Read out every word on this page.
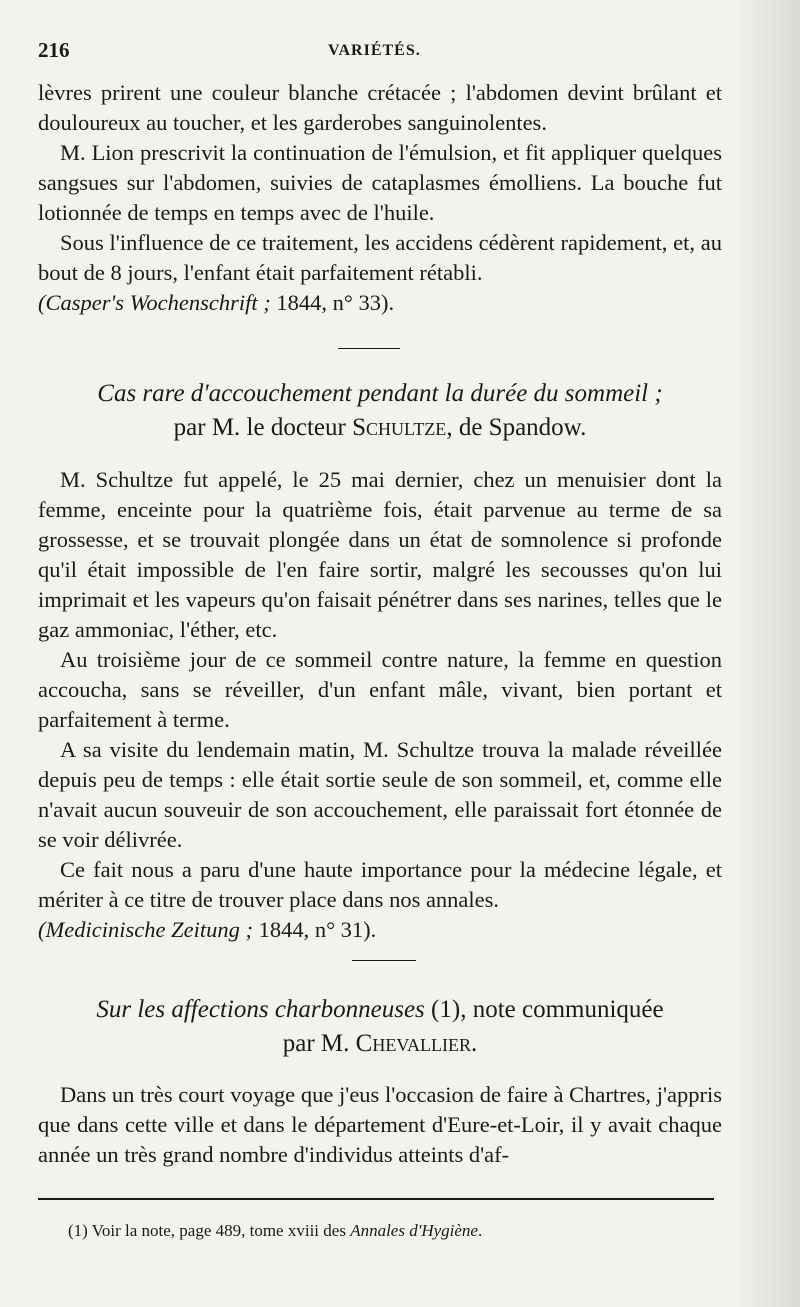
216	VARIÉTÉS.

lèvres prirent une couleur blanche crétacée ; l'abdomen devint brûlant et douloureux au toucher, et les garderobes sanguinolentes.

M. Lion prescrivit la continuation de l'émulsion, et fit appliquer quelques sangsues sur l'abdomen, suivies de cataplasmes émolliens. La bouche fut lotionnée de temps en temps avec de l'huile.

Sous l'influence de ce traitement, les accidens cédèrent rapidement, et, au bout de 8 jours, l'enfant était parfaitement rétabli.

(Casper's Wochenschrift ; 1844, n° 33).

Cas rare d'accouchement pendant la durée du sommeil ;
par M. le docteur Schultze, de Spandow.

M. Schultze fut appelé, le 25 mai dernier, chez un menuisier dont la femme, enceinte pour la quatrième fois, était parvenue au terme de sa grossesse, et se trouvait plongée dans un état de somnolence si profonde qu'il était impossible de l'en faire sortir, malgré les secousses qu'on lui imprimait et les vapeurs qu'on faisait pénétrer dans ses narines, telles que le gaz ammoniac, l'éther, etc.

Au troisième jour de ce sommeil contre nature, la femme en question accoucha, sans se réveiller, d'un enfant mâle, vivant, bien portant et parfaitement à terme.

A sa visite du lendemain matin, M. Schultze trouva la malade réveillée depuis peu de temps : elle était sortie seule de son sommeil, et, comme elle n'avait aucun souveuir de son accouchement, elle paraissait fort étonnée de se voir délivrée.

Ce fait nous a paru d'une haute importance pour la médecine légale, et mériter à ce titre de trouver place dans nos annales.

(Medicinische Zeitung ; 1844, n° 31).

Sur les affections charbonneuses (1), note communiquée
par M. Chevallier.

Dans un très court voyage que j'eus l'occasion de faire à Chartres, j'appris que dans cette ville et dans le département d'Eure-et-Loir, il y avait chaque année un très grand nombre d'individus atteints d'af-

(1) Voir la note, page 489, tome xviii des Annales d'Hygiène.
